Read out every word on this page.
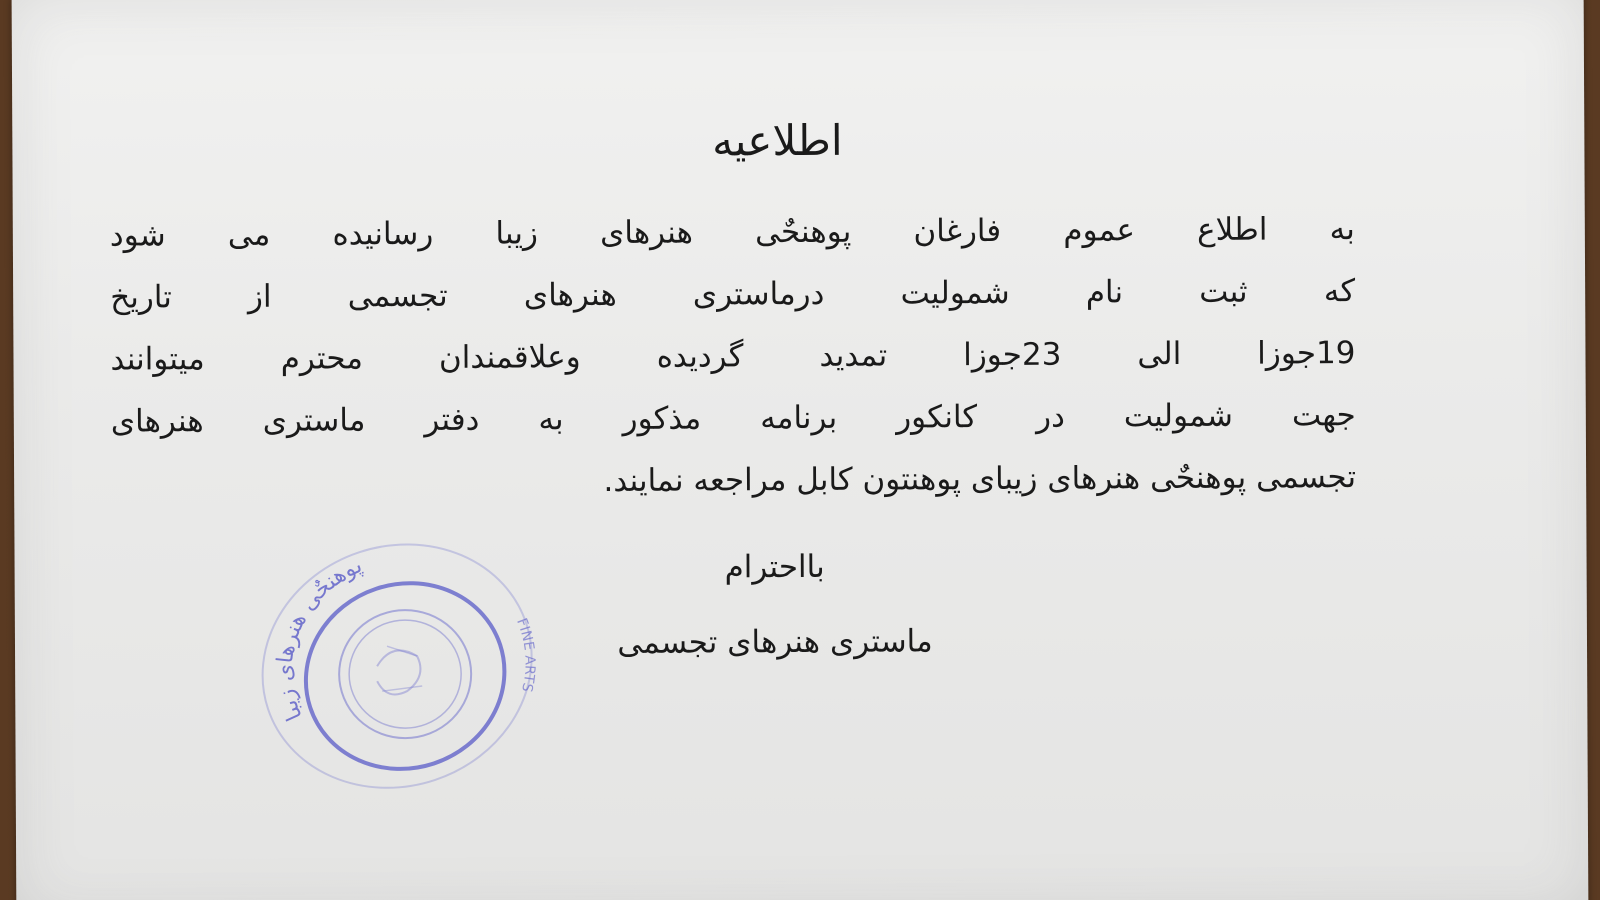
اطلاعیه
به اطلاع عموم فارغان پوهنحٌی هنرهای زیبا رسانیده می شود
که ثبت نام شمولیت درماستری هنرهای تجسمی از تاریخ
19جوزا الی 23جوزا تمدید گردیده وعلاقمندان محترم میتوانند
جهت شمولیت در کانکور برنامه مذکور به دفتر ماستری هنرهای
تجسمی پوهنحٌی هنرهای زیبای پوهنتون کابل مراجعه نمایند.
بااحترام
ماستری هنرهای تجسمی
پوهنحٌی هنرهای زیبا
FINE ARTS
